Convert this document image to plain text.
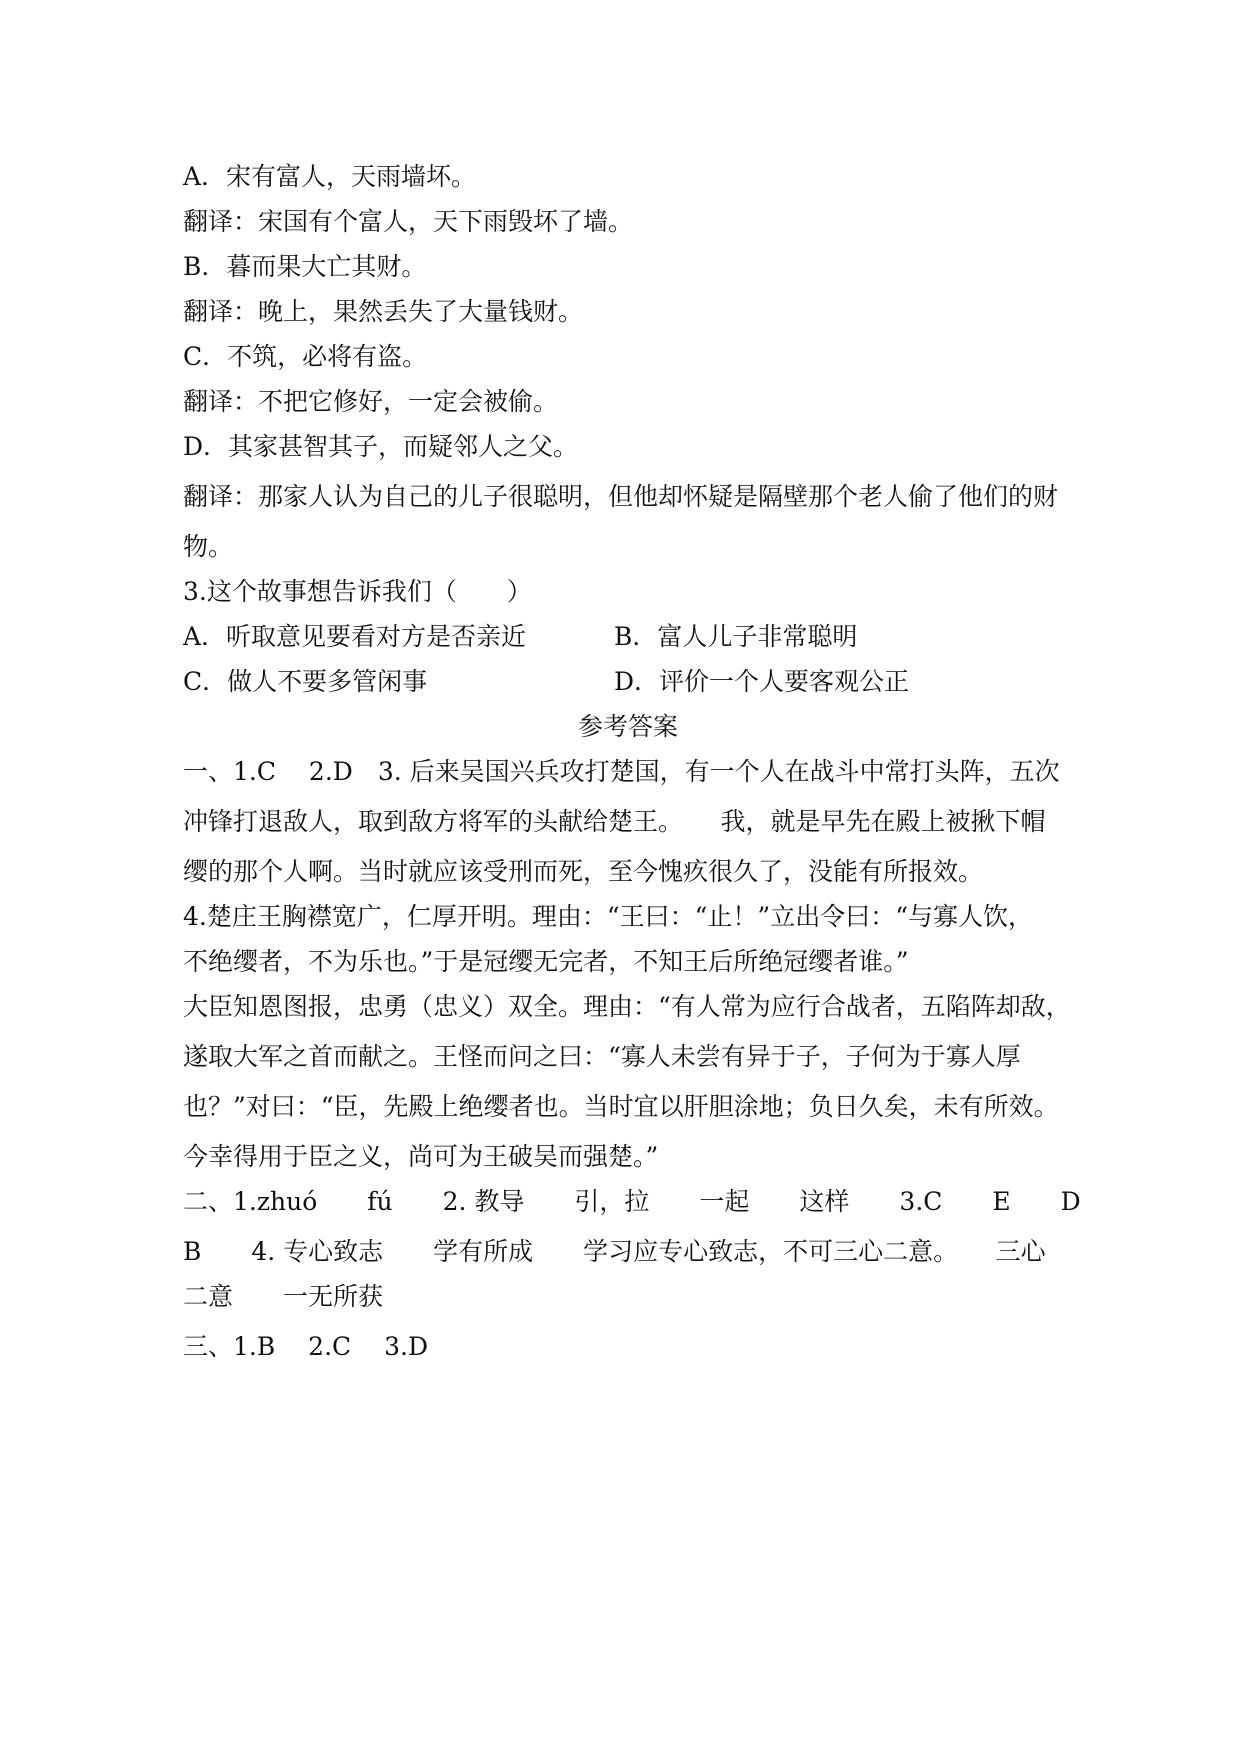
A．宋有富人，天雨墙坏。
翻译：宋国有个富人，天下雨毁坏了墙。
B．暮而果大亡其财。
翻译：晚上，果然丢失了大量钱财。
C．不筑，必将有盗。
翻译：不把它修好，一定会被偷。
D．其家甚智其子，而疑邻人之父。
翻译：那家人认为自己的儿子很聪明，但他却怀疑是隔壁那个老人偷了他们的财
物。
3.这个故事想告诉我们（　　）
A．听取意见要看对方是否亲近	B．富人儿子非常聪明
C．做人不要多管闲事	D．评价一个人要客观公正
参考答案
一、1.C　 2.D　3. 后来吴国兴兵攻打楚国，有一个人在战斗中常打头阵，五次
冲锋打退敌人，取到敌方将军的头献给楚王。　　我，就是早先在殿上被揪下帽
缨的那个人啊。当时就应该受刑而死，至今愧疚很久了，没能有所报效。
4.楚庄王胸襟宽广，仁厚开明。理由：“王曰：“止！”立出令曰：“与寡人饮，
不绝缨者，不为乐也。”于是冠缨无完者，不知王后所绝冠缨者谁。”
大臣知恩图报，忠勇（忠义）双全。理由：“有人常为应行合战者，五陷阵却敌，
遂取大军之首而献之。王怪而问之曰：“寡人未尝有异于子，子何为于寡人厚
也？”对曰：“臣，先殿上绝缨者也。当时宜以肝胆涂地；负日久矣，未有所效。
今幸得用于臣之义，尚可为王破吴而强楚。”
二、1.zhuó　　fú　　2. 教导　　引，拉　　一起　　这样　　3.C　　E　　D
B　　4. 专心致志　　学有所成　　学习应专心致志，不可三心二意。　　三心
二意　　一无所获
三、1.B　 2.C　 3.D
